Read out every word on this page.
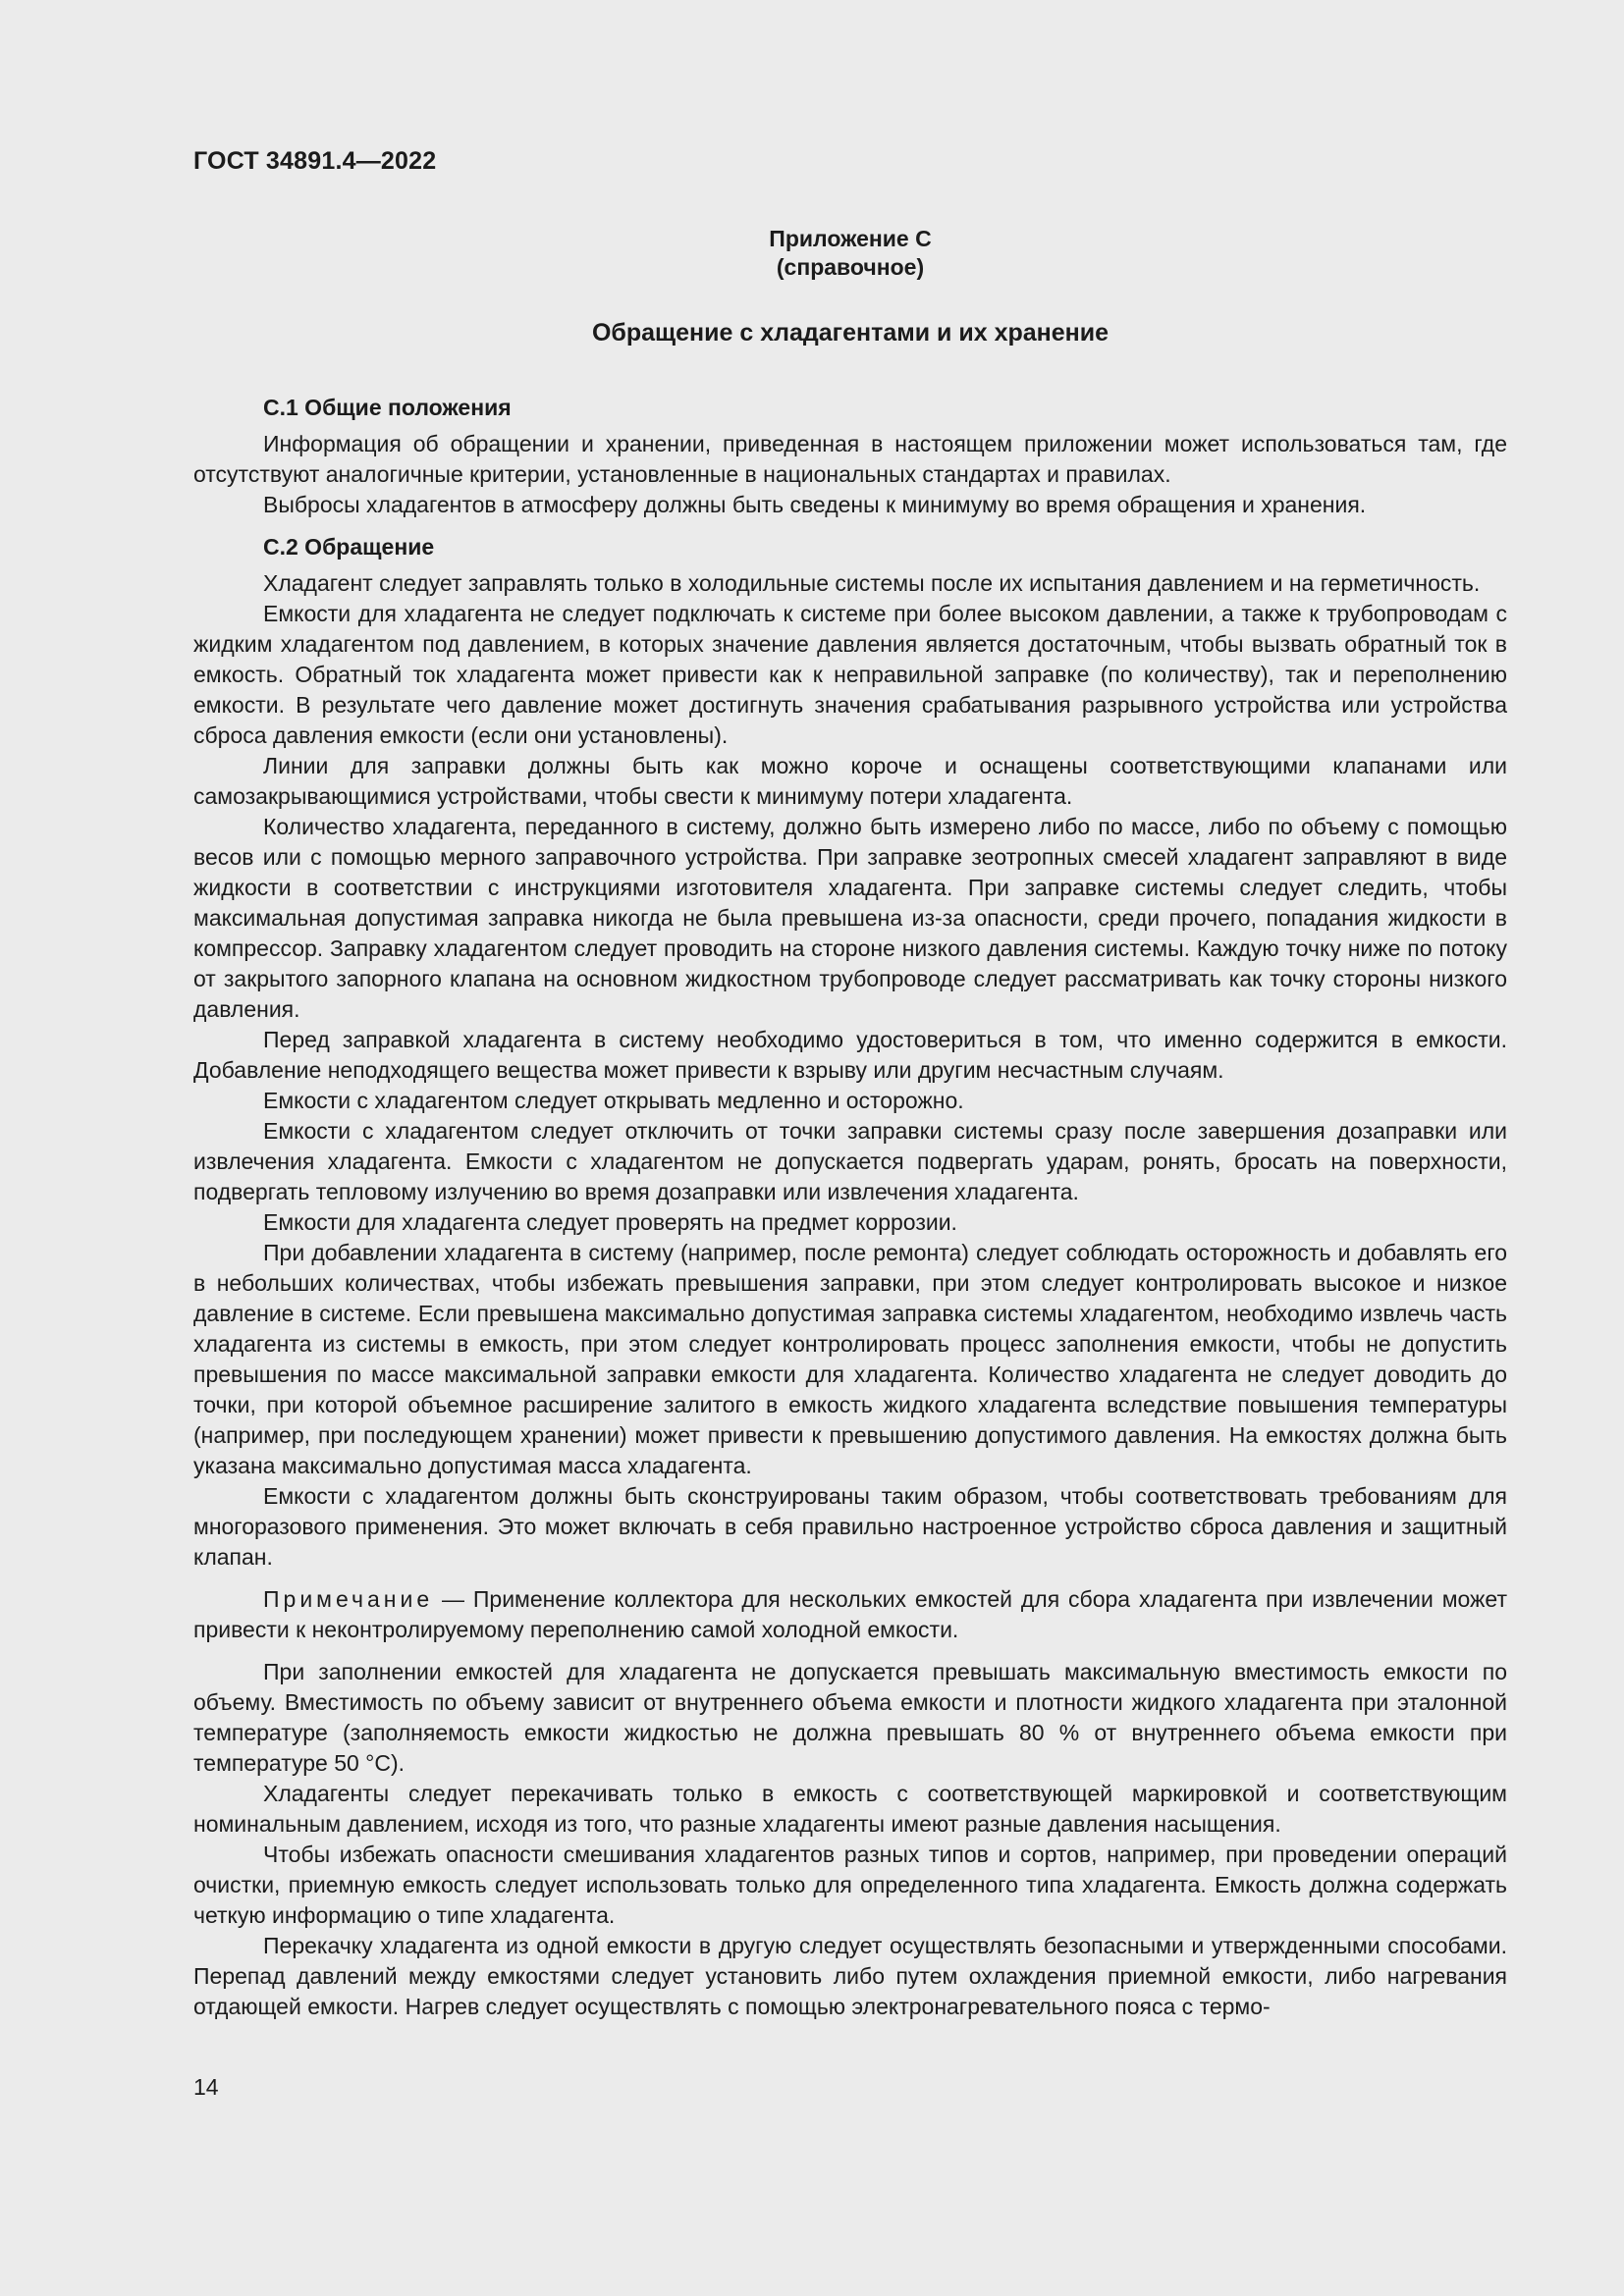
ГОСТ 34891.4—2022
Приложение С
(справочное)
Обращение с хладагентами и их хранение
С.1 Общие положения

Информация об обращении и хранении, приведенная в настоящем приложении может использоваться там, где отсутствуют аналогичные критерии, установленные в национальных стандартах и правилах.

Выбросы хладагентов в атмосферу должны быть сведены к минимуму во время обращения и хранения.

С.2 Обращение

Хладагент следует заправлять только в холодильные системы после их испытания давлением и на герметичность.

Емкости для хладагента не следует подключать к системе при более высоком давлении, а также к трубопроводам с жидким хладагентом под давлением, в которых значение давления является достаточным, чтобы вызвать обратный ток в емкость. Обратный ток хладагента может привести как к неправильной заправке (по количеству), так и переполнению емкости. В результате чего давление может достигнуть значения срабатывания разрывного устройства или устройства сброса давления емкости (если они установлены).

Линии для заправки должны быть как можно короче и оснащены соответствующими клапанами или самозакрывающимися устройствами, чтобы свести к минимуму потери хладагента.

Количество хладагента, переданного в систему, должно быть измерено либо по массе, либо по объему с помощью весов или с помощью мерного заправочного устройства. При заправке зеотропных смесей хладагент заправляют в виде жидкости в соответствии с инструкциями изготовителя хладагента. При заправке системы следует следить, чтобы максимальная допустимая заправка никогда не была превышена из-за опасности, среди прочего, попадания жидкости в компрессор. Заправку хладагентом следует проводить на стороне низкого давления системы. Каждую точку ниже по потоку от закрытого запорного клапана на основном жидкостном трубопроводе следует рассматривать как точку стороны низкого давления.

Перед заправкой хладагента в систему необходимо удостовериться в том, что именно содержится в емкости. Добавление неподходящего вещества может привести к взрыву или другим несчастным случаям.

Емкости с хладагентом следует открывать медленно и осторожно.

Емкости с хладагентом следует отключить от точки заправки системы сразу после завершения дозаправки или извлечения хладагента. Емкости с хладагентом не допускается подвергать ударам, ронять, бросать на поверхности, подвергать тепловому излучению во время дозаправки или извлечения хладагента.

Емкости для хладагента следует проверять на предмет коррозии.

При добавлении хладагента в систему (например, после ремонта) следует соблюдать осторожность и добавлять его в небольших количествах, чтобы избежать превышения заправки, при этом следует контролировать высокое и низкое давление в системе. Если превышена максимально допустимая заправка системы хладагентом, необходимо извлечь часть хладагента из системы в емкость, при этом следует контролировать процесс заполнения емкости, чтобы не допустить превышения по массе максимальной заправки емкости для хладагента. Количество хладагента не следует доводить до точки, при которой объемное расширение залитого в емкость жидкого хладагента вследствие повышения температуры (например, при последующем хранении) может привести к превышению допустимого давления. На емкостях должна быть указана максимально допустимая масса хладагента.

Емкости с хладагентом должны быть сконструированы таким образом, чтобы соответствовать требованиям для многоразового применения. Это может включать в себя правильно настроенное устройство сброса давления и защитный клапан.

Примечание — Применение коллектора для нескольких емкостей для сбора хладагента при извлечении может привести к неконтролируемому переполнению самой холодной емкости.

При заполнении емкостей для хладагента не допускается превышать максимальную вместимость емкости по объему. Вместимость по объему зависит от внутреннего объема емкости и плотности жидкого хладагента при эталонной температуре (заполняемость емкости жидкостью не должна превышать 80 % от внутреннего объема емкости при температуре 50 °С).

Хладагенты следует перекачивать только в емкость с соответствующей маркировкой и соответствующим номинальным давлением, исходя из того, что разные хладагенты имеют разные давления насыщения.

Чтобы избежать опасности смешивания хладагентов разных типов и сортов, например, при проведении операций очистки, приемную емкость следует использовать только для определенного типа хладагента. Емкость должна содержать четкую информацию о типе хладагента.

Перекачку хладагента из одной емкости в другую следует осуществлять безопасными и утвержденными способами. Перепад давлений между емкостями следует установить либо путем охлаждения приемной емкости, либо нагревания отдающей емкости. Нагрев следует осуществлять с помощью электронагревательного пояса с термо-

14
